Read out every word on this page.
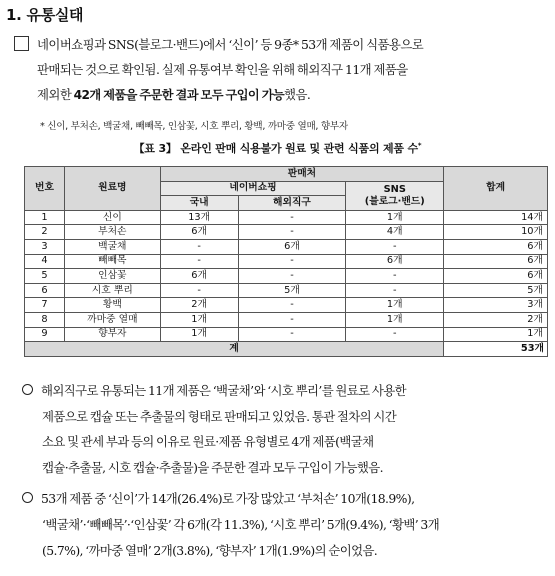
1. 유통실태
네이버쇼핑과 SNS(블로그·밴드)에서 ‘신이’ 등 9종* 53개 제품이 식품용으로
판매되는 것으로 확인됨. 실제 유통여부 확인을 위해 해외직구 11개 제품을
제외한 42개 제품을 주문한 결과 모두 구입이 가능했음.
* 신이, 부처손, 백굴채, 빼빼목, 인삼꽃, 시호 뿌리, 황백, 까마중 열매, 향부자
【표 3】 온라인 판매 식용불가 원료 및 관련 식품의 제품 수*
번호	원료명	판매처			합계
		네이버쇼핑		SNS
(블로그·밴드)	
		국내	해외직구		
1	신이	13개	-	1개	14개
2	부처손	6개	-	4개	10개
3	백굴채	-	6개	-	6개
4	빼빼목	-	-	6개	6개
5	인삼꽃	6개	-	-	6개
6	시호 뿌리	-	5개	-	5개
7	황백	2개	-	1개	3개
8	까마중 열매	1개	-	1개	2개
9	향부자	1개	-	-	1개
계					53개
해외직구로 유통되는 11개 제품은 ‘백굴채’와 ‘시호 뿌리’를 원료로 사용한
제품으로 캡슐 또는 추출물의 형태로 판매되고 있었음. 통관 절차의 시간
소요 및 관세 부과 등의 이유로 원료·제품 유형별로 4개 제품(백굴채
캡슐·추출물, 시호 캡슐·추출물)을 주문한 결과 모두 구입이 가능했음.
53개 제품 중 ‘신이’가 14개(26.4%)로 가장 많았고 ‘부처손’ 10개(18.9%),
‘백굴채’·‘빼빼목’·‘인삼꽃’ 각 6개(각 11.3%), ‘시호 뿌리’ 5개(9.4%), ‘황백’ 3개
(5.7%), ‘까마중 열매’ 2개(3.8%), ‘향부자’ 1개(1.9%)의 순이었음.
